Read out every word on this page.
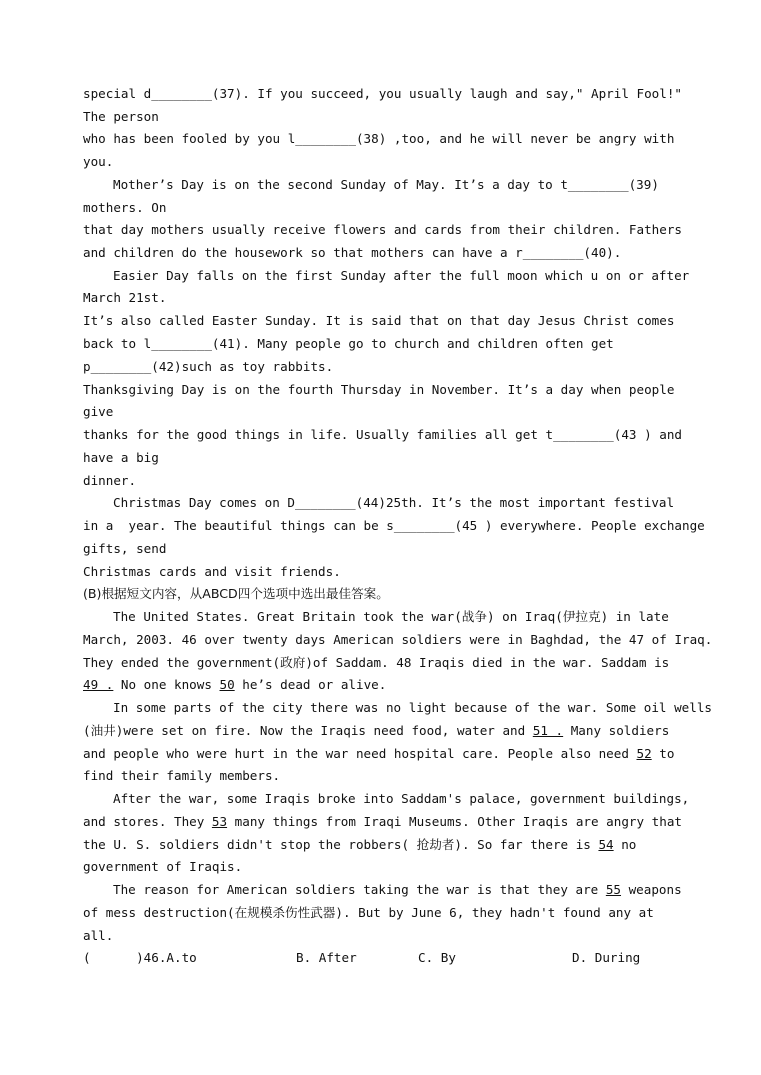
special d________(37). If you succeed, you usually laugh and say," April Fool!"
The person
who has been fooled by you l________(38) ,too, and he will never be angry with
you.
Mother’s Day is on the second Sunday of May. It’s a day to t________(39)
mothers. On
that day mothers usually receive flowers and cards from their children. Fathers
and children do the housework so that mothers can have a r________(40).
Easier Day falls on the first Sunday after the full moon which u on or after
March 21st.
It’s also called Easter Sunday. It is said that on that day Jesus Christ comes
back to l________(41). Many people go to church and children often get
p________(42)such as toy rabbits.
Thanksgiving Day is on the fourth Thursday in November. It’s a day when people
give
thanks for the good things in life. Usually families all get t________(43 ) and
have a big
dinner.
Christmas Day comes on D________(44)25th. It’s the most important festival
in a  year. The beautiful things can be s________(45 ) everywhere. People exchange
gifts, send
Christmas cards and visit friends.
(B)根据短文内容，从ABCD四个选项中选出最佳答案。
The United States. Great Britain took the war(战争) on Iraq(伊拉克) in late
March, 2003. 46 over twenty days American soldiers were in Baghdad, the 47 of Iraq.
They ended the government(政府)of Saddam. 48 Iraqis died in the war. Saddam is
49 . No one knows 50 he’s dead or alive.
In some parts of the city there was no light because of the war. Some oil wells
(油井)were set on fire. Now the Iraqis need food, water and 51 . Many soldiers
and people who were hurt in the war need hospital care. People also need 52 to
find their family members.
After the war, some Iraqis broke into Saddam's palace, government buildings,
and stores. They 53 many things from Iraqi Museums. Other Iraqis are angry that
the U. S. soldiers didn't stop the robbers( 抢劫者). So far there is 54 no
government of Iraqis.
The reason for American soldiers taking the war is that they are 55 weapons
of mess destruction(在规模杀伤性武器). But by June 6, they hadn't found any at
all.

(      )46.A.to

	B. After

	C. By

	D. During
